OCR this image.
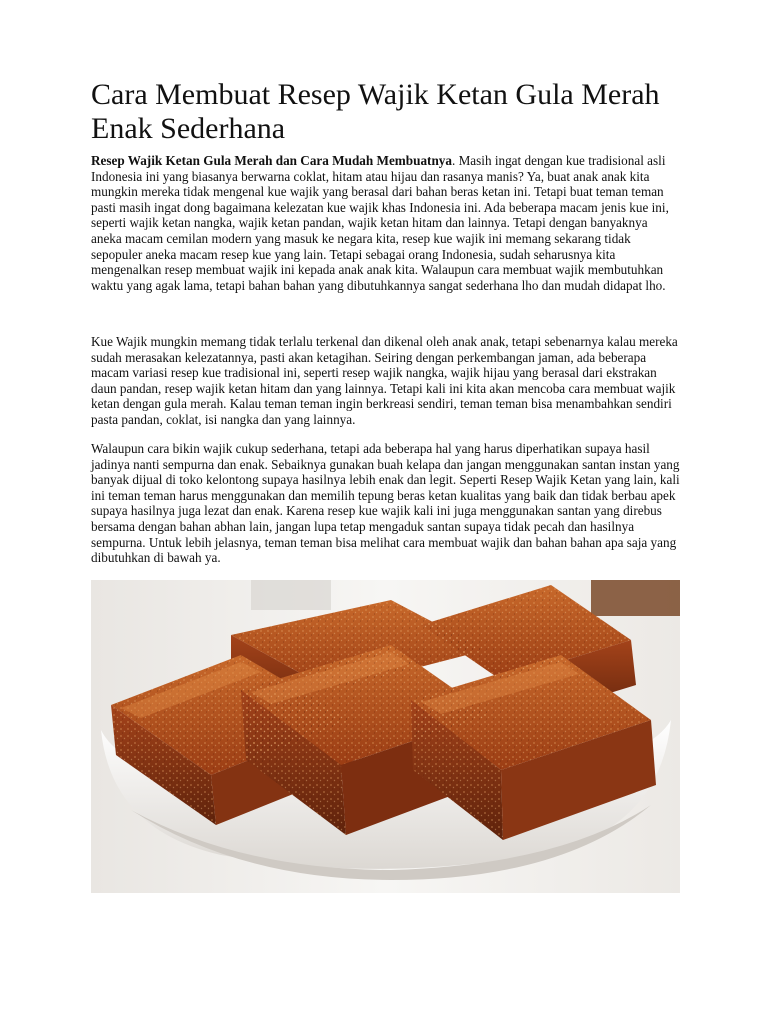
Cara Membuat Resep Wajik Ketan Gula Merah Enak Sederhana

Resep Wajik Ketan Gula Merah dan Cara Mudah Membuatnya. Masih ingat dengan kue tradisional asli Indonesia ini yang biasanya berwarna coklat, hitam atau hijau dan rasanya manis? Ya, buat anak anak kita mungkin mereka tidak mengenal kue wajik yang berasal dari bahan beras ketan ini. Tetapi buat teman teman pasti masih ingat dong bagaimana kelezatan kue wajik khas Indonesia ini. Ada beberapa macam jenis kue ini, seperti wajik ketan nangka, wajik ketan pandan, wajik ketan hitam dan lainnya. Tetapi dengan banyaknya aneka macam cemilan modern yang masuk ke negara kita, resep kue wajik ini memang sekarang tidak sepopuler aneka macam resep kue yang lain. Tetapi sebagai orang Indonesia, sudah seharusnya kita mengenalkan resep membuat wajik ini kepada anak anak kita. Walaupun cara membuat wajik membutuhkan waktu yang agak lama, tetapi bahan bahan yang dibutuhkannya sangat sederhana lho dan mudah didapat lho.

Kue Wajik mungkin memang tidak terlalu terkenal dan dikenal oleh anak anak, tetapi sebenarnya kalau mereka sudah merasakan kelezatannya, pasti akan ketagihan. Seiring dengan perkembangan jaman, ada beberapa macam variasi resep kue tradisional ini, seperti resep wajik nangka, wajik hijau yang berasal dari ekstrakan daun pandan, resep wajik ketan hitam dan yang lainnya. Tetapi kali ini kita akan mencoba cara membuat wajik ketan dengan gula merah. Kalau teman teman ingin berkreasi sendiri, teman teman bisa menambahkan sendiri pasta pandan, coklat, isi nangka dan yang lainnya.

Walaupun cara bikin wajik cukup sederhana, tetapi ada beberapa hal yang harus diperhatikan supaya hasil jadinya nanti sempurna dan enak. Sebaiknya gunakan buah kelapa dan jangan menggunakan santan instan yang banyak dijual di toko kelontong supaya hasilnya lebih enak dan legit. Seperti Resep Wajik Ketan yang lain, kali ini teman teman harus menggunakan dan memilih tepung beras ketan kualitas yang baik dan tidak berbau apek supaya hasilnya juga lezat dan enak. Karena resep kue wajik kali ini juga menggunakan santan yang direbus bersama dengan bahan abhan lain, jangan lupa tetap mengaduk santan supaya tidak pecah dan hasilnya sempurna. Untuk lebih jelasnya, teman teman bisa melihat cara membuat wajik dan bahan bahan apa saja yang dibutuhkan di bawah ya.
